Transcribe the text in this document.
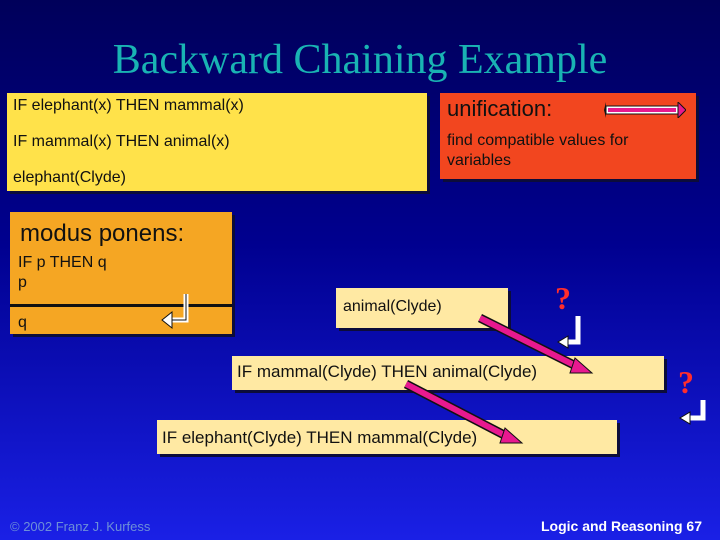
Backward Chaining Example
IF elephant(x) THEN mammal(x)
IF mammal(x) THEN animal(x)
elephant(Clyde)
unification:
find compatible values for variables
modus ponens:
IF p THEN q
p
q
animal(Clyde)
IF mammal(Clyde) THEN animal(Clyde)
IF elephant(Clyde) THEN mammal(Clyde)
?
?
© 2002 Franz J. Kurfess	Logic and Reasoning 67
